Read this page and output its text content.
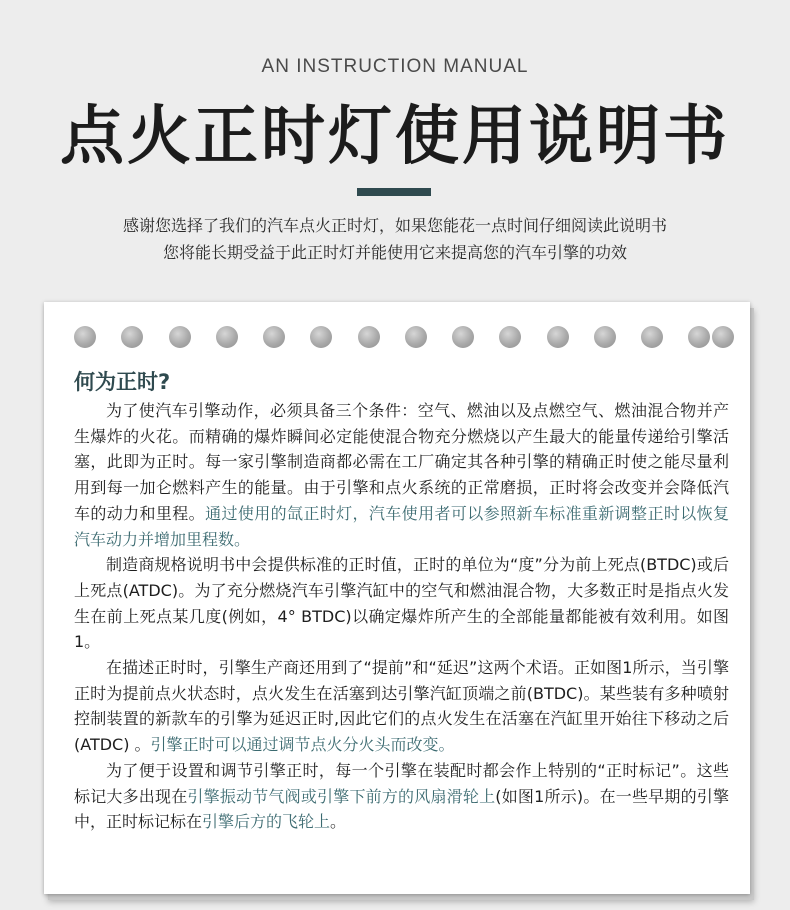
AN INSTRUCTION MANUAL
点火正时灯使用说明书
感谢您选择了我们的汽车点火正时灯，如果您能花一点时间仔细阅读此说明书
您将能长期受益于此正时灯并能使用它来提高您的汽车引擎的功效
何为正时?

为了使汽车引擎动作，必须具备三个条件：空气、燃油以及点燃空气、燃油混合物并产生爆炸的火花。而精确的爆炸瞬间必定能使混合物充分燃烧以产生最大的能量传递给引擎活塞，此即为正时。每一家引擎制造商都必需在工厂确定其各种引擎的精确正时使之能尽量利用到每一加仑燃料产生的能量。由于引擎和点火系统的正常磨损，正时将会改变并会降低汽车的动力和里程。通过使用的氙正时灯，汽车使用者可以参照新车标准重新调整正时以恢复汽车动力并增加里程数。

制造商规格说明书中会提供标准的正时值，正时的单位为“度”分为前上死点(BTDC)或后上死点(ATDC)。为了充分燃烧汽车引擎汽缸中的空气和燃油混合物，大多数正时是指点火发生在前上死点某几度(例如，4° BTDC)以确定爆炸所产生的全部能量都能被有效利用。如图1。

在描述正时时，引擎生产商还用到了“提前”和“延迟”这两个术语。正如图1所示，当引擎正时为提前点火状态时，点火发生在活塞到达引擎汽缸顶端之前(BTDC)。某些装有多种喷射控制装置的新款车的引擎为延迟正时,因此它们的点火发生在活塞在汽缸里开始往下移动之后 (ATDC) 。引擎正时可以通过调节点火分火头而改变。

为了便于设置和调节引擎正时，每一个引擎在装配时都会作上特别的“正时标记”。这些标记大多出现在引擎振动节气阀或引擎下前方的风扇滑轮上(如图1所示)。在一些早期的引擎中，正时标记标在引擎后方的飞轮上。
